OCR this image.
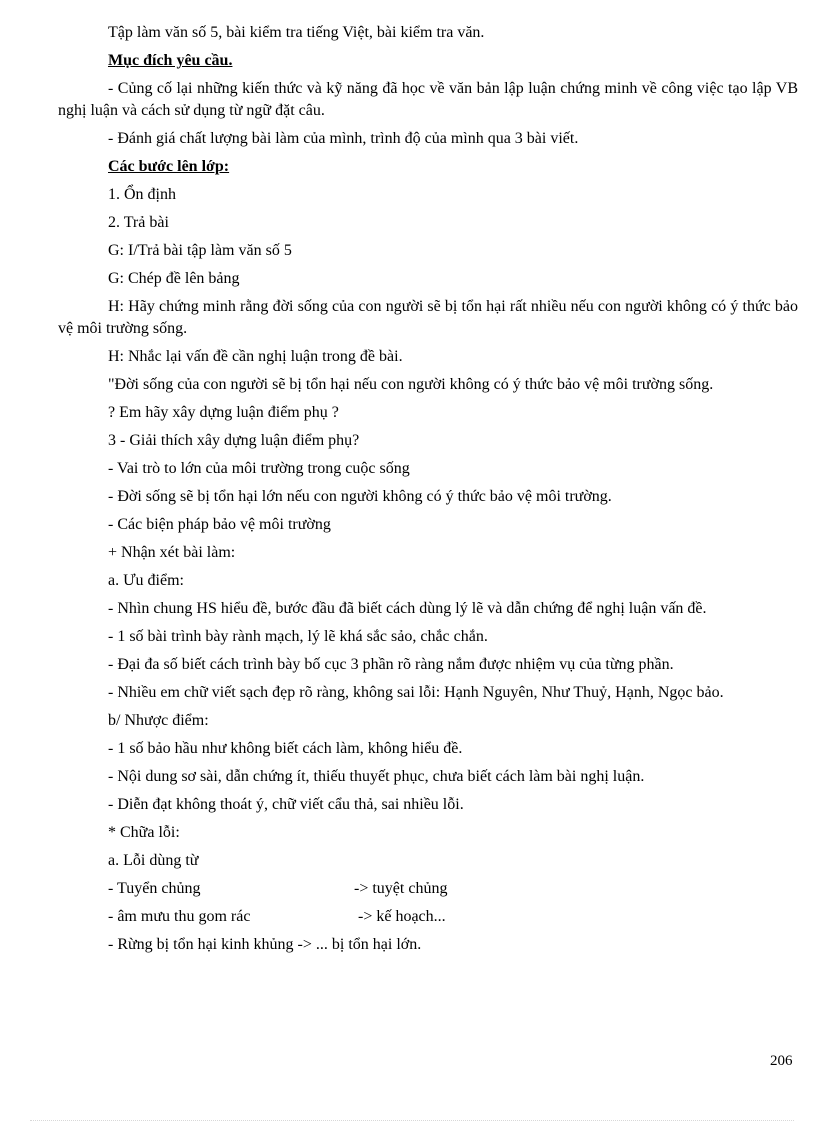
Tập làm văn số 5, bài kiểm tra tiếng Việt, bài kiểm tra văn.

Mục đích yêu cầu.

- Củng cố lại những kiến thức và kỹ năng đã học về văn bản lập luận chứng minh về công việc tạo lập VB nghị luận và cách sử dụng từ ngữ đặt câu.

- Đánh giá chất lượng bài làm của mình, trình độ của mình qua 3 bài viết.

Các bước lên lớp:

1. Ổn định

2. Trả bài

G: I/Trả bài tập làm văn số 5

G: Chép đề lên bảng

H: Hãy chứng minh rằng đời sống của con người sẽ bị tổn hại rất nhiều nếu con người không có ý thức bảo vệ môi trường sống.

H: Nhắc lại vấn đề cần nghị luận trong đề bài.

"Đời sống của con người sẽ bị tổn hại nếu con người không có ý thức bảo vệ môi trường sống.

? Em hãy xây dựng luận điểm phụ ?

3 - Giải thích xây dựng luận điểm phụ?

- Vai trò to lớn của môi trường trong cuộc sống

- Đời sống sẽ bị tổn hại lớn nếu con người không có ý thức bảo vệ môi trường.

- Các biện pháp bảo vệ môi trường

+ Nhận xét bài làm:

a. Ưu điểm:

- Nhìn chung HS hiểu đề, bước đầu đã biết cách dùng lý lẽ và dẫn chứng để nghị luận vấn đề.

- 1 số bài trình bày rành mạch, lý lẽ khá sắc sảo, chắc chắn.

- Đại đa số biết cách trình bày bố cục 3 phần rõ ràng nắm được nhiệm vụ của từng phần.

- Nhiều em chữ viết sạch đẹp rõ ràng, không sai lỗi: Hạnh Nguyên, Như Thuỷ, Hạnh, Ngọc bảo.

b/ Nhược điểm:

- 1 số bảo hầu như không biết cách làm, không hiểu đề.

- Nội dung sơ sài, dẫn chứng ít, thiếu thuyết phục, chưa biết cách làm bài nghị luận.

- Diễn đạt không thoát ý, chữ viết cẩu thả, sai nhiều lỗi.

* Chữa lỗi:

a. Lỗi dùng từ

- Tuyển chủng	-> tuyệt chủng
- âm mưu thu gom rác	-> kế hoạch...

- Rừng bị tổn hại kinh khủng -> ... bị tổn hại lớn.

206
